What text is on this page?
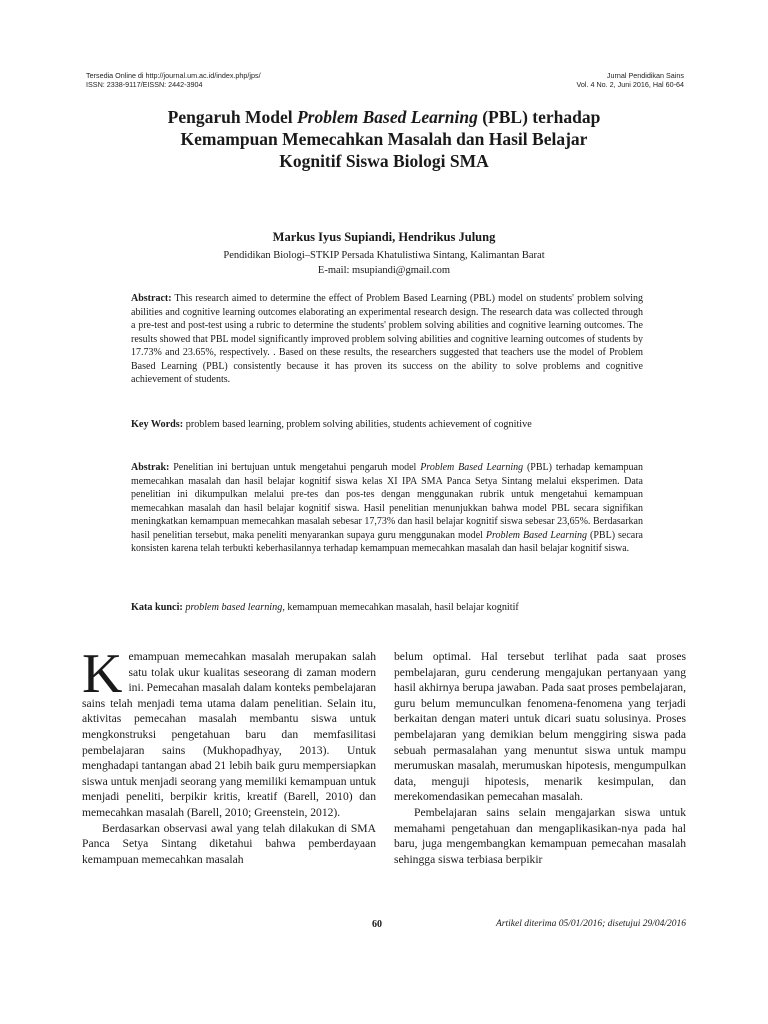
Tersedia Online di http://journal.um.ac.id/index.php/jps/
ISSN: 2338-9117/EISSN: 2442-3904
Jurnal Pendidikan Sains
Vol. 4 No. 2, Juni 2016, Hal 60-64
Pengaruh Model Problem Based Learning (PBL) terhadap
Kemampuan Memecahkan Masalah dan Hasil Belajar
Kognitif Siswa Biologi SMA

Markus Iyus Supiandi, Hendrikus Julung

Pendidikan Biologi–STKIP Persada Khatulistiwa Sintang, Kalimantan Barat
E-mail: msupiandi@gmail.com

Abstract: This research aimed to determine the effect of Problem Based Learning (PBL) model on students' problem solving abilities and cognitive learning outcomes elaborating an experimental research design. The research data was collected through a pre-test and post-test using a rubric to determine the students' problem solving abilities and cognitive learning outcomes. The results showed that PBL model significantly improved problem solving abilities and cognitive learning outcomes of students by 17.73% and 23.65%, respectively. . Based on these results, the researchers suggested that teachers use the model of Problem Based Learning (PBL) consistently because it has proven its success on the ability to solve problems and cognitive achievement of students.

Key Words: problem based learning, problem solving abilities, students achievement of cognitive

Abstrak: Penelitian ini bertujuan untuk mengetahui pengaruh model Problem Based Learning (PBL) terhadap kemampuan memecahkan masalah dan hasil belajar kognitif siswa kelas XI IPA SMA Panca Setya Sintang melalui eksperimen. Data penelitian ini dikumpulkan melalui pre-tes dan pos-tes dengan menggunakan rubrik untuk mengetahui kemampuan memecahkan masalah dan hasil belajar kognitif siswa. Hasil penelitian menunjukkan bahwa model PBL secara signifikan meningkatkan kemampuan memecahkan masalah sebesar 17,73% dan hasil belajar kognitif siswa sebesar 23,65%. Berdasarkan hasil penelitian tersebut, maka peneliti menyarankan supaya guru menggunakan model Problem Based Learning (PBL) secara konsisten karena telah terbukti keberhasilannya terhadap kemampuan memecahkan masalah dan hasil belajar kognitif siswa.

Kata kunci: problem based learning, kemampuan memecahkan masalah, hasil belajar kognitif

Kemampuan memecahkan masalah merupakan salah satu tolak ukur kualitas seseorang di zaman modern ini. Pemecahan masalah dalam konteks pembelajaran sains telah menjadi tema utama dalam penelitian. Selain itu, aktivitas pemecahan masalah membantu siswa untuk mengkonstruksi pengetahuan baru dan memfasilitasi pembelajaran sains (Mukhopadhyay, 2013). Untuk menghadapi tantangan abad 21 lebih baik guru mempersiapkan siswa untuk menjadi seorang yang memiliki kemampuan untuk menjadi peneliti, berpikir kritis, kreatif (Barell, 2010) dan memecahkan masalah (Barell, 2010; Greenstein, 2012).

Berdasarkan observasi awal yang telah dilakukan di SMA Panca Setya Sintang diketahui bahwa pemberdayaan kemampuan memecahkan masalah

belum optimal. Hal tersebut terlihat pada saat proses pembelajaran, guru cenderung mengajukan pertanyaan yang hasil akhirnya berupa jawaban. Pada saat proses pembelajaran, guru belum memunculkan fenomena-fenomena yang terjadi berkaitan dengan materi untuk dicari suatu solusinya. Proses pembelajaran yang demikian belum menggiring siswa pada sebuah permasalahan yang menuntut siswa untuk mampu merumuskan masalah, merumuskan hipotesis, mengumpulkan data, menguji hipotesis, menarik kesimpulan, dan merekomendasikan pemecahan masalah.

Pembelajaran sains selain mengajarkan siswa untuk memahami pengetahuan dan mengaplikasikan-nya pada hal baru, juga mengembangkan kemampuan pemecahan masalah sehingga siswa terbiasa berpikir

60	Artikel diterima 05/01/2016; disetujui 29/04/2016
